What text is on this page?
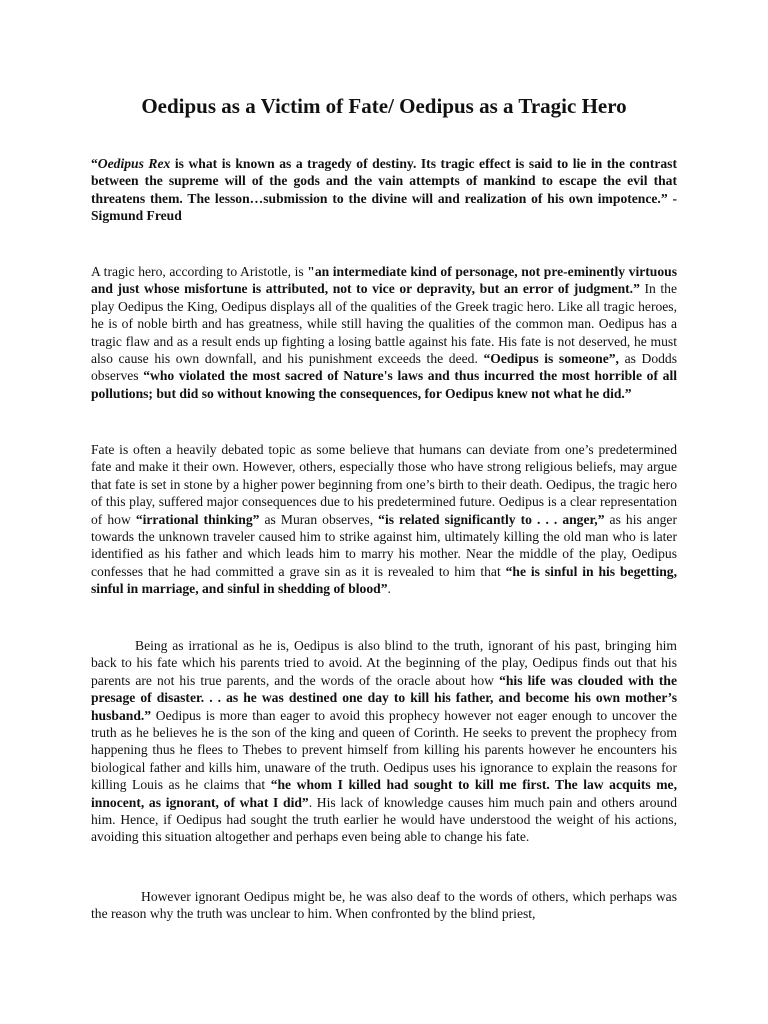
Oedipus as a Victim of Fate/ Oedipus as a Tragic Hero

“Oedipus Rex is what is known as a tragedy of destiny. Its tragic effect is said to lie in the contrast between the supreme will of the gods and the vain attempts of mankind to escape the evil that threatens them. The lesson…submission to the divine will and realization of his own impotence.” - Sigmund Freud

A tragic hero, according to Aristotle, is "an intermediate kind of personage, not pre-eminently virtuous and just whose misfortune is attributed, not to vice or depravity, but an error of judgment.” In the play Oedipus the King, Oedipus displays all of the qualities of the Greek tragic hero. Like all tragic heroes, he is of noble birth and has greatness, while still having the qualities of the common man. Oedipus has a tragic flaw and as a result ends up fighting a losing battle against his fate. His fate is not deserved, he must also cause his own downfall, and his punishment exceeds the deed. “Oedipus is someone”, as Dodds observes “who violated the most sacred of Nature's laws and thus incurred the most horrible of all pollutions; but did so without knowing the consequences, for Oedipus knew not what he did.”

Fate is often a heavily debated topic as some believe that humans can deviate from one’s predetermined fate and make it their own. However, others, especially those who have strong religious beliefs, may argue that fate is set in stone by a higher power beginning from one’s birth to their death. Oedipus, the tragic hero of this play, suffered major consequences due to his predetermined future. Oedipus is a clear representation of how “irrational thinking” as Muran observes, “is related significantly to . . . anger,” as his anger towards the unknown traveler caused him to strike against him, ultimately killing the old man who is later identified as his father and which leads him to marry his mother. Near the middle of the play, Oedipus confesses that he had committed a grave sin as it is revealed to him that “he is sinful in his begetting, sinful in marriage, and sinful in shedding of blood”.

Being as irrational as he is, Oedipus is also blind to the truth, ignorant of his past, bringing him back to his fate which his parents tried to avoid. At the beginning of the play, Oedipus finds out that his parents are not his true parents, and the words of the oracle about how “his life was clouded with the presage of disaster. . . as he was destined one day to kill his father, and become his own mother’s husband.” Oedipus is more than eager to avoid this prophecy however not eager enough to uncover the truth as he believes he is the son of the king and queen of Corinth. He seeks to prevent the prophecy from happening thus he flees to Thebes to prevent himself from killing his parents however he encounters his biological father and kills him, unaware of the truth. Oedipus uses his ignorance to explain the reasons for killing Louis as he claims that “he whom I killed had sought to kill me first. The law acquits me, innocent, as ignorant, of what I did”. His lack of knowledge causes him much pain and others around him. Hence, if Oedipus had sought the truth earlier he would have understood the weight of his actions, avoiding this situation altogether and perhaps even being able to change his fate.

However ignorant Oedipus might be, he was also deaf to the words of others, which perhaps was the reason why the truth was unclear to him. When confronted by the blind priest,
